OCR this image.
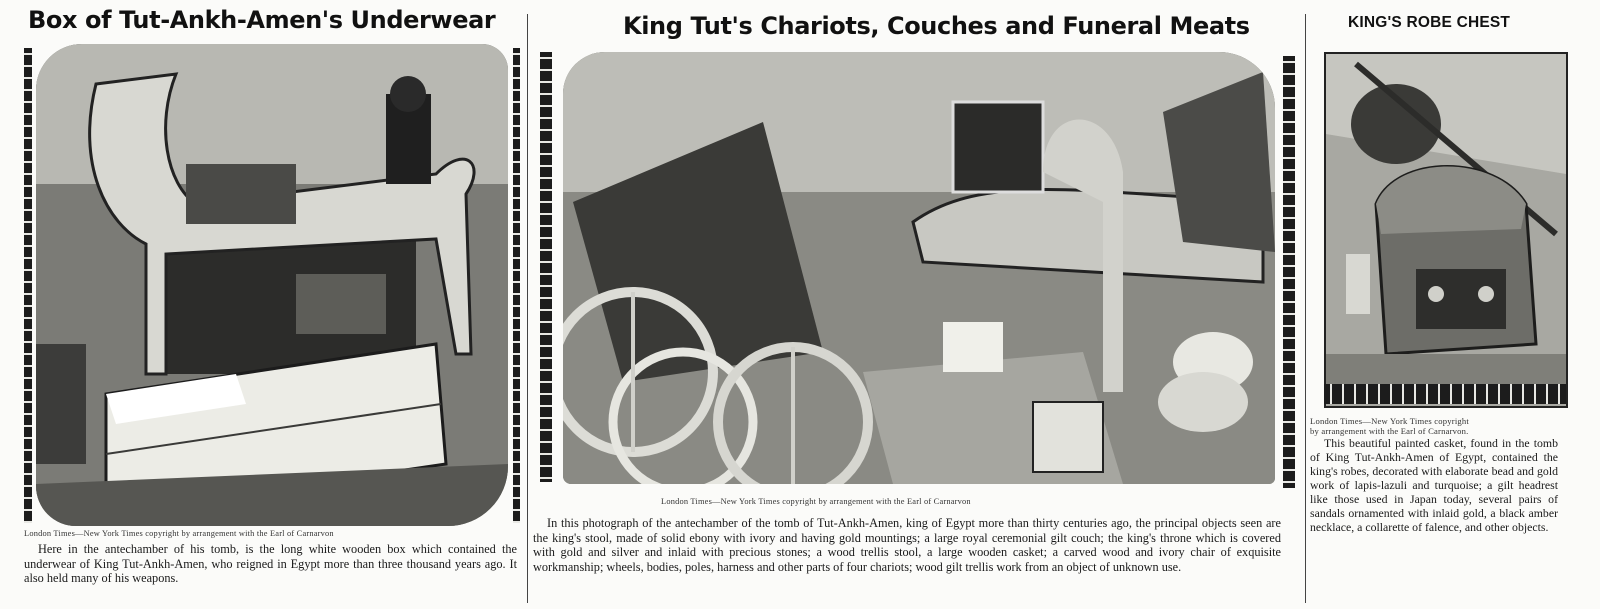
Box of Tut-Ankh-Amen's Underwear
London Times—New York Times copyright by arrangement with the Earl of Carnarvon

Here in the antechamber of his tomb, is the long white wooden box which contained the underwear of King Tut-Ankh-Amen, who reigned in Egypt more than three thousand years ago. It also held many of his weapons.

King Tut's Chariots, Couches and Funeral Meats
London Times—New York Times copyright by arrangement with the Earl of Carnarvon

In this photograph of the antechamber of the tomb of Tut-Ankh-Amen, king of Egypt more than thirty centuries ago, the principal objects seen are the king's stool, made of solid ebony with ivory and having gold mountings; a large royal ceremonial gilt couch; the king's throne which is covered with gold and silver and inlaid with precious stones; a wood trellis stool, a large wooden casket; a carved wood and ivory chair of exquisite workmanship; wheels, bodies, poles, harness and other parts of four chariots; wood gilt trellis work from an object of unknown use.

KING'S ROBE CHEST
London Times—New York Times copyright
by arrangement with the Earl of Carnarvon.

This beautiful painted casket, found in the tomb of King Tut-Ankh-Amen of Egypt, contained the king's robes, decorated with elaborate bead and gold work of lapis-lazuli and turquoise; a gilt headrest like those used in Japan today, several pairs of sandals ornamented with inlaid gold, a black amber necklace, a collarette of falence, and other objects.
